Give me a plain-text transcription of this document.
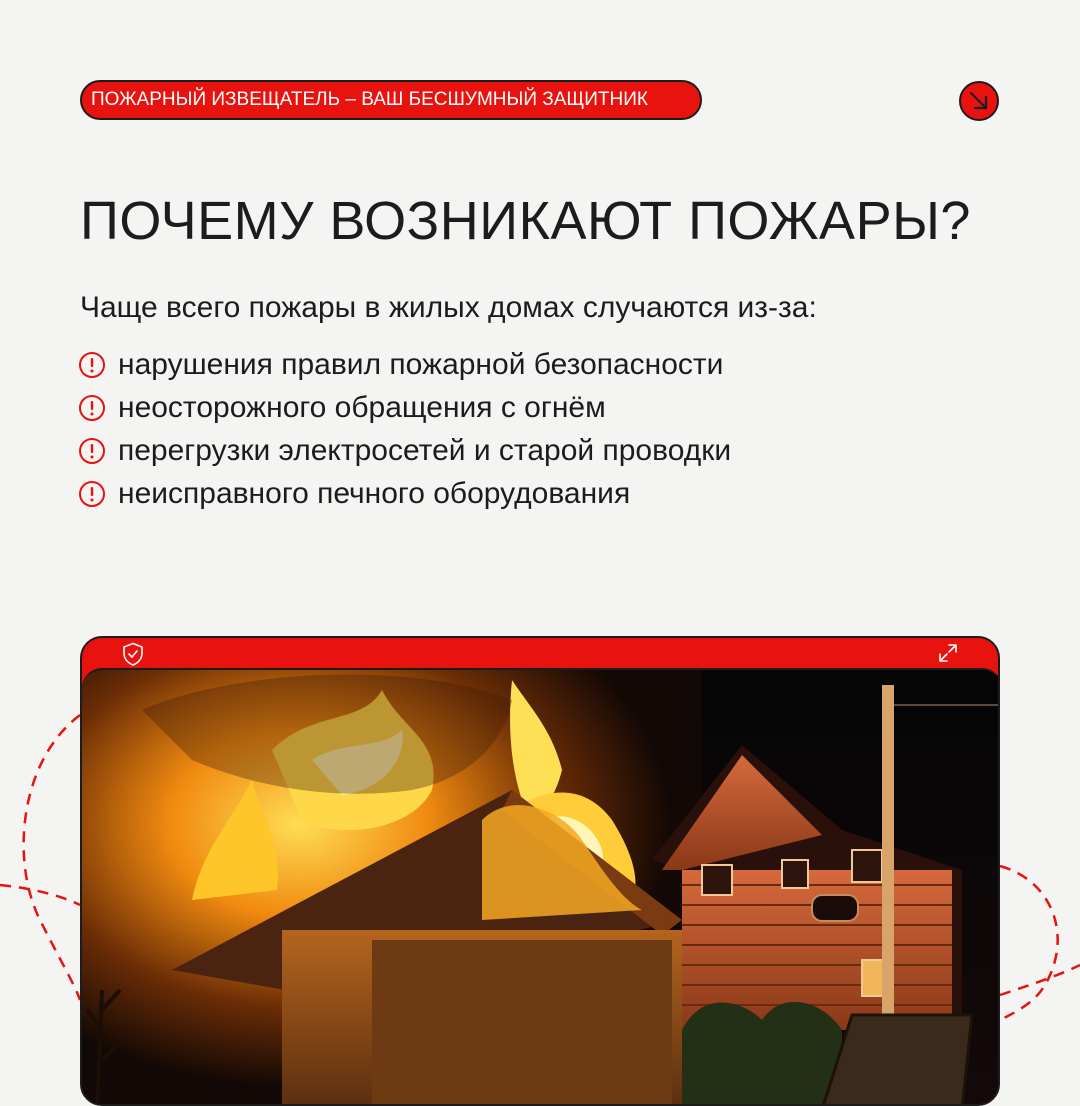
ПОЖАРНЫЙ ИЗВЕЩАТЕЛЬ – ВАШ БЕСШУМНЫЙ ЗАЩИТНИК
ПОЧЕМУ ВОЗНИКАЮТ ПОЖАРЫ?

Чаще всего пожары в жилых домах случаются из-за:

нарушения правил пожарной безопасности
неосторожного обращения с огнём
перегрузки электросетей и старой проводки
неисправного печного оборудования
